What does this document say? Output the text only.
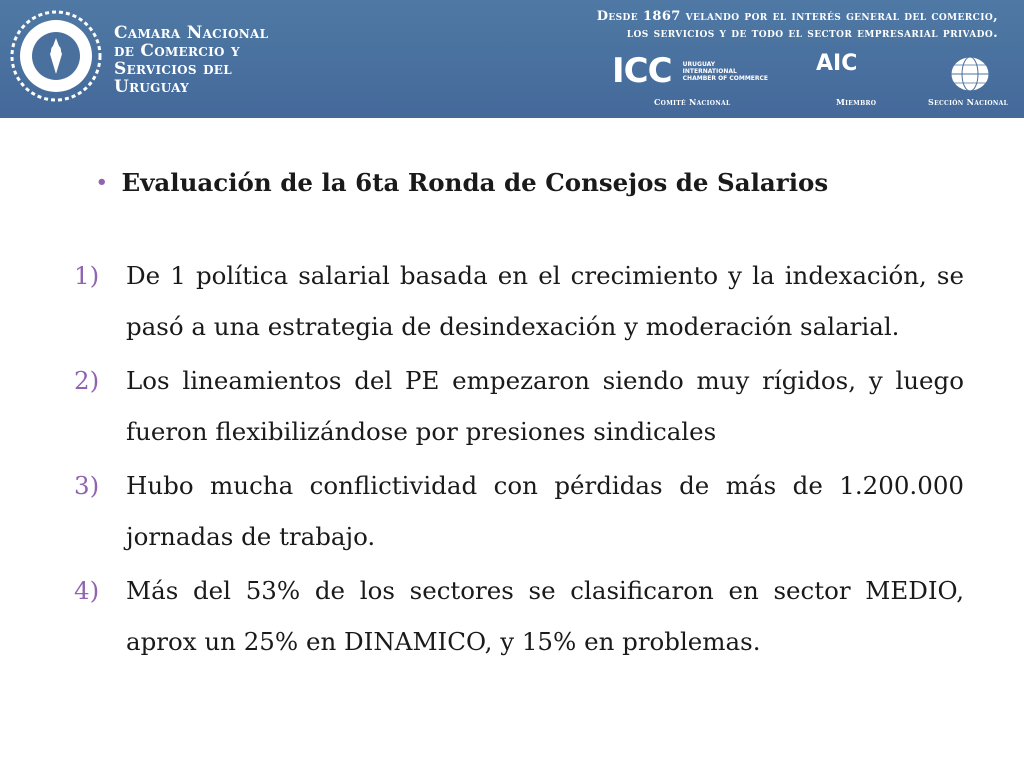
Camara Nacional
de Comercio y
Servicios del
Uruguay
Desde 1867 velando por el interés general del comercio,
los servicios y de todo el sector empresarial privado.
ICC URUGUAY
INTERNATIONAL
CHAMBER OF COMMERCE
Comité Nacional
AIC
Miembro	Sección Nacional
• Evaluación de la 6ta Ronda de Consejos de Salarios
1) De 1 política salarial basada en el crecimiento y la indexación, se pasó a una estrategia de desindexación y moderación salarial.
2) Los lineamientos del PE empezaron siendo muy rígidos, y luego fueron flexibilizándose por presiones sindicales
3) Hubo mucha conflictividad con pérdidas de más de 1.200.000 jornadas de trabajo.
4) Más del 53% de los sectores se clasificaron en sector MEDIO, aprox un 25% en DINAMICO, y 15% en problemas.
